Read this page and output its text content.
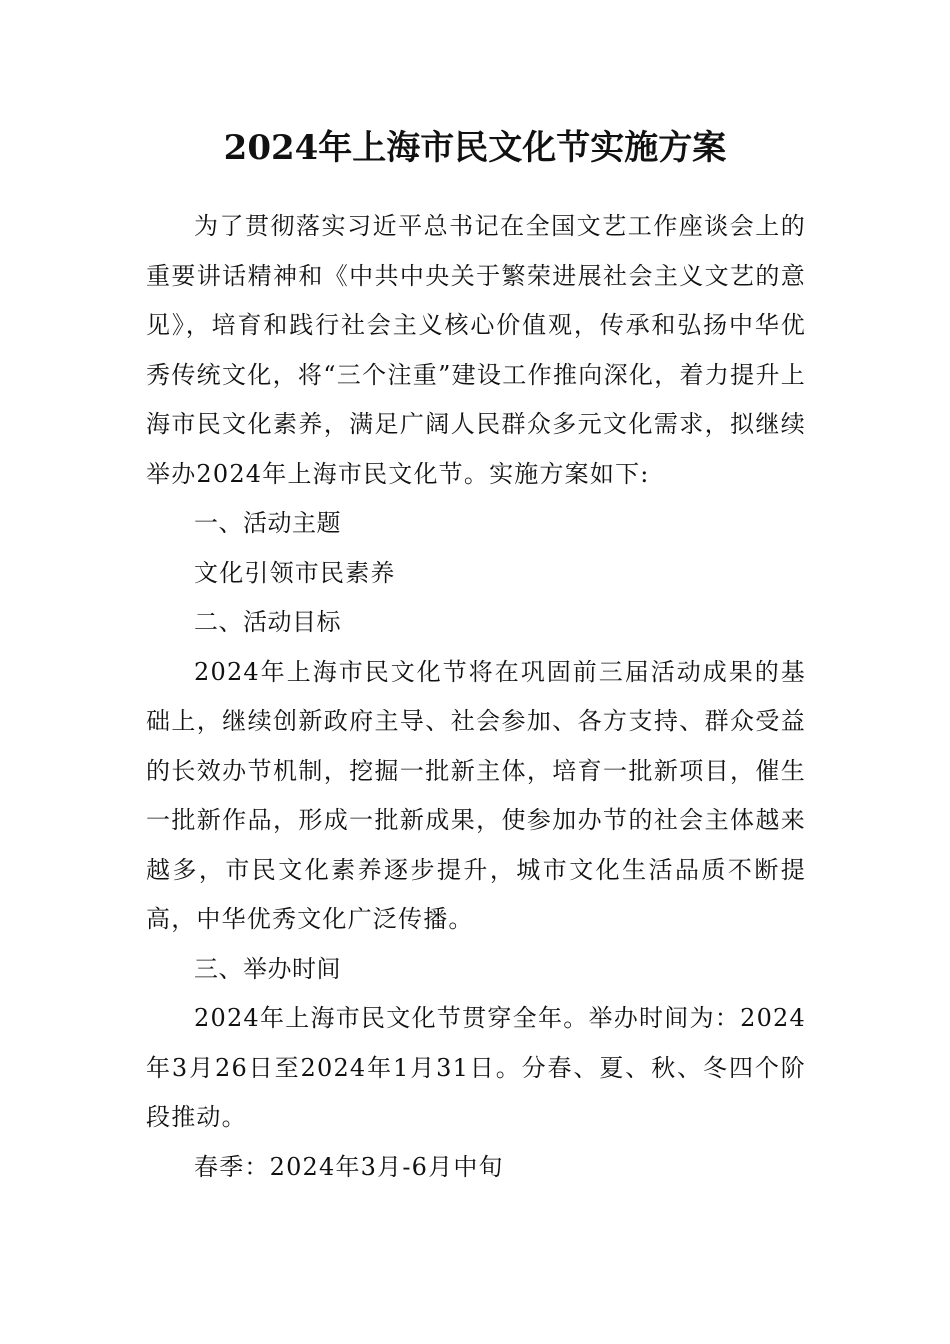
2024年上海市民文化节实施方案

为了贯彻落实习近平总书记在全国文艺工作座谈会上的重要讲话精神和《中共中央关于繁荣进展社会主义文艺的意见》，培育和践行社会主义核心价值观，传承和弘扬中华优秀传统文化，将“三个注重”建设工作推向深化，着力提升上海市民文化素养，满足广阔人民群众多元文化需求，拟继续举办2024年上海市民文化节。实施方案如下:

一、活动主题

文化引领市民素养

二、活动目标

2024年上海市民文化节将在巩固前三届活动成果的基础上，继续创新政府主导、社会参加、各方支持、群众受益的长效办节机制，挖掘一批新主体，培育一批新项目，催生一批新作品，形成一批新成果，使参加办节的社会主体越来越多，市民文化素养逐步提升，城市文化生活品质不断提高，中华优秀文化广泛传播。

三、举办时间

2024年上海市民文化节贯穿全年。举办时间为：2024年3月26日至2024年1月31日。分春、夏、秋、冬四个阶段推动。

春季：2024年3月-6月中旬
